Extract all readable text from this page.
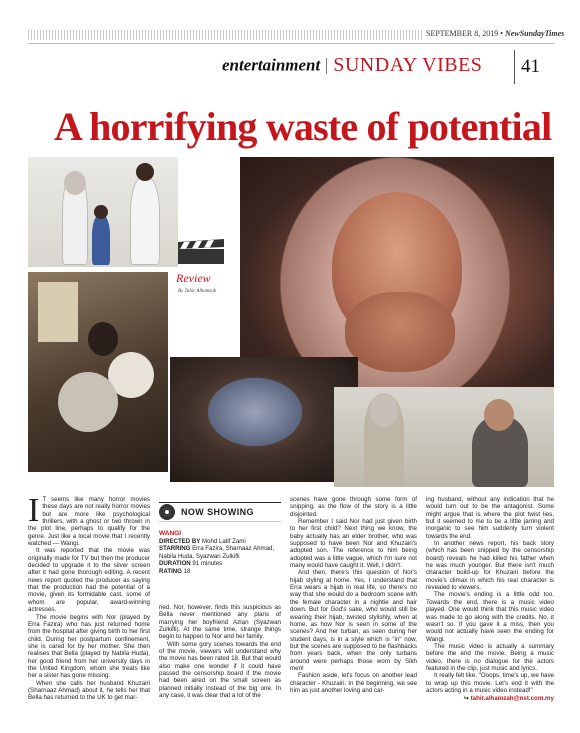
SEPTEMBER 8, 2019 • NewSundayTimes
entertainment SUNDAY VIBES 41
A horrifying waste of potential
Review
By Tahir Alhamzah
I T seems like many horror movies these days are not really horror movies but are more like psychological thrillers, with a ghost or two thrown in the plot line, perhaps to qualify for the genre. Just like a local movie that I recently watched — Wangi.

It was reported that the movie was originally made for TV but then the producer decided to upgrade it to the silver screen after it had gone thorough editing. A recent news report quoted the producer as saying that the production had the potential of a movie, given its formidable cast, some of whom are popular, award-winning actresses.

The movie begins with Nor (played by Erra Fazira) who has just returned home from the hospital after giving birth to her first child. During her postpartum confinement, she is cared for by her mother. She then realises that Bella (played by Nabila Huda), her good friend from her university days in the United Kingdom, whom she treats like her a sister has gone missing.

When she calls her husband Khuzairi (Sharnaaz Ahmad) about it, he tells her that Bella has returned to the UK to get mar-

NOW SHOWING
WANGI
DIRECTED BY Mohd Latif Zami
STARRING Erra Fazira, Sharnaaz Ahmad, Nabila Huda, Syazwan Zulkifli
DURATION 91 minutes
RATING 18

ried. Nor, however, finds this suspicious as Bella never mentioned any plans of marrying her boyfriend Azlan (Syazwan Zulkifli). At the same time, strange things begin to happen to Nor and her family.

With some gory scenes towards the end of the movie, viewers will understand why the movie has been rated 18. But that would also make one wonder if it could have passed the censorship board if the movie had been aired on the small screen as planned initially instead of the big one. In any case, it was clear that a lot of the

scenes have gone through some form of snipping, as the flow of the story is a little disjointed.

Remember I said Nor had just given birth to her first child? Next thing we know, the baby actually has an elder brother, who was supposed to have been Nor and Khuzairi's adopted son. The reference to him being adopted was a little vague, which I'm sure not many would have caught it. Well, I didn't.

And then, there's this question of Nor's hijab styling at home. Yes, I understand that Erra wears a hijab in real life, so there's no way that she would do a bedroom scene with the female character in a nightie and hair down. But for God's sake, who would still be wearing their hijab, twisted stylishly, when at home, as how Nor is seen in some of the scenes? And her turban, as seen during her student days, is in a style which is "in" now, but the scenes are supposed to be flashbacks from years back, when the only turbans around were perhaps those worn by Sikh men!

Fashion aside, let's focus on another lead character - Khuzairi. In the beginning, we see him as just another loving and car-

ing husband, without any indication that he would turn out to be the antagonist. Some might argue that is where the plot twist lies, but it seemed to me to be a little jarring and inorganic to see him suddenly turn violent towards the end.

In another news report, his back story (which has been snipped by the censorship board) reveals he had killed his father when he was much younger. But there isn't much character build-up for Khuzairi before the movie's climax in which his real character is revealed to viewers.

The movie's ending is a little odd too. Towards the end, there is a music video played. One would think that this music video was made to go along with the credits. No, it wasn't so. If you gave it a miss, then you would not actually have seen the ending for Wangi.

The music video is actually a summary before the end the movie. Being a music video, there is no dialogue for the actors featured in the clip, just music and lyrics.

It really felt like, "Ooops, time's up, we have to wrap up this movie. Let's end it with the actors acting in a music video instead!"

↪ tahir.alhamzah@nst.com.my
